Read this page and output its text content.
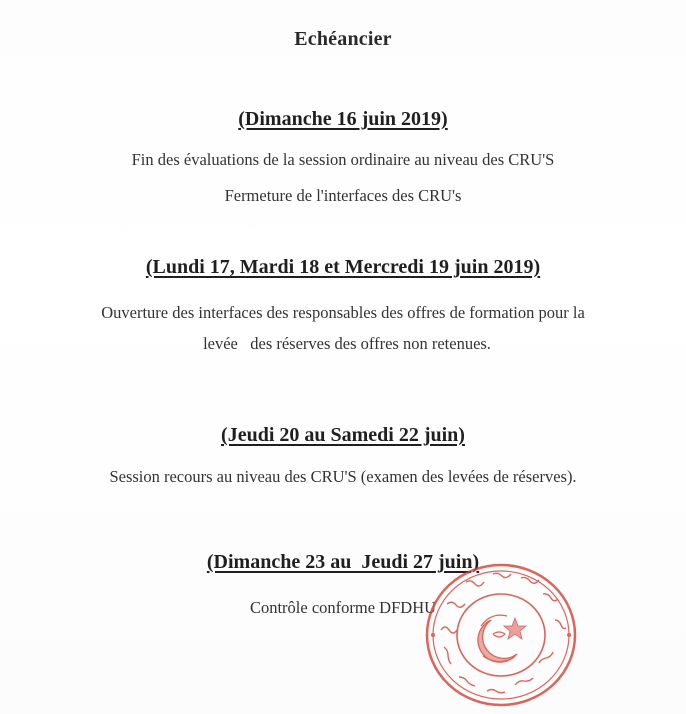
Echéancier
(Dimanche 16 juin 2019)
Fin des évaluations de la session ordinaire au niveau des CRU'S
Fermeture de l'interfaces des CRU's
(Lundi 17, Mardi 18 et Mercredi 19 juin 2019)
Ouverture des interfaces des responsables des offres de formation pour la
levée   des réserves des offres non retenues.
(Jeudi 20 au Samedi 22 juin)
Session recours au niveau des CRU'S (examen des levées de réserves).
(Dimanche 23 au  Jeudi 27 juin)
Contrôle conforme DFDHU
